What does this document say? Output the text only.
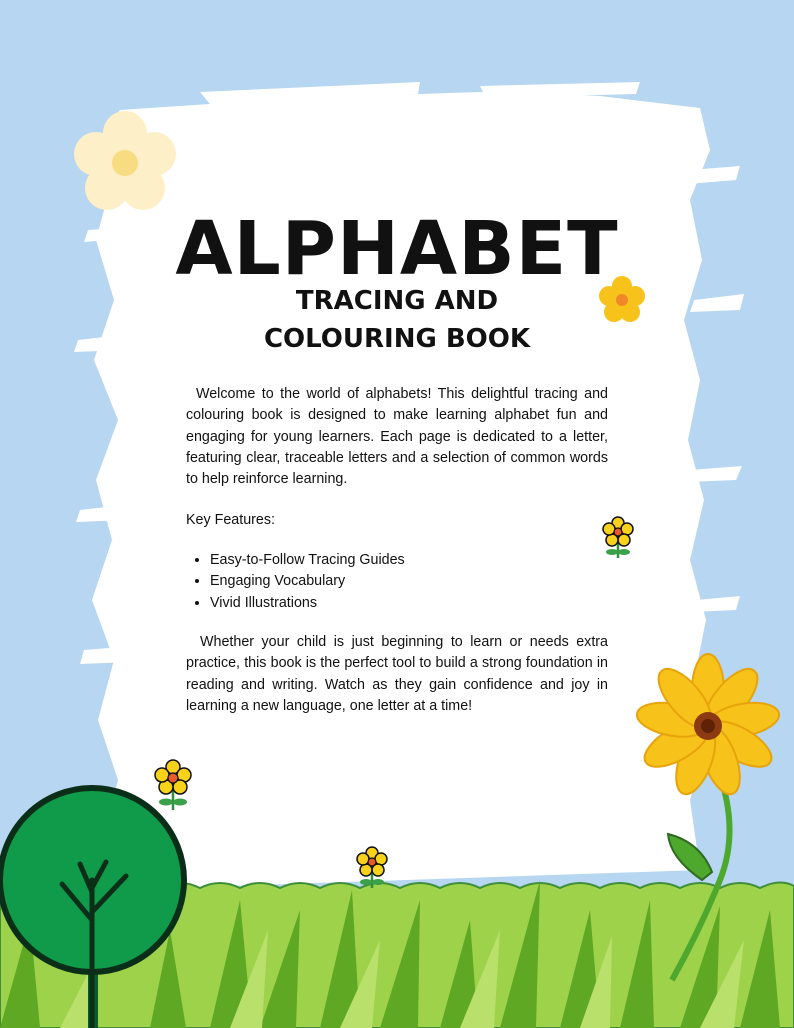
ALPHABET
TRACING AND
COLOURING BOOK

Welcome to the world of alphabets! This delightful tracing and colouring book is designed to make learning alphabet fun and engaging for young learners. Each page is dedicated to a letter, featuring clear, traceable letters and a selection of common words to help reinforce learning.

Key Features:

• Easy-to-Follow Tracing Guides
• Engaging Vocabulary
• Vivid Illustrations

Whether your child is just beginning to learn or needs extra practice, this book is the perfect tool to build a strong foundation in reading and writing. Watch as they gain confidence and joy in learning a new language, one letter at a time!
